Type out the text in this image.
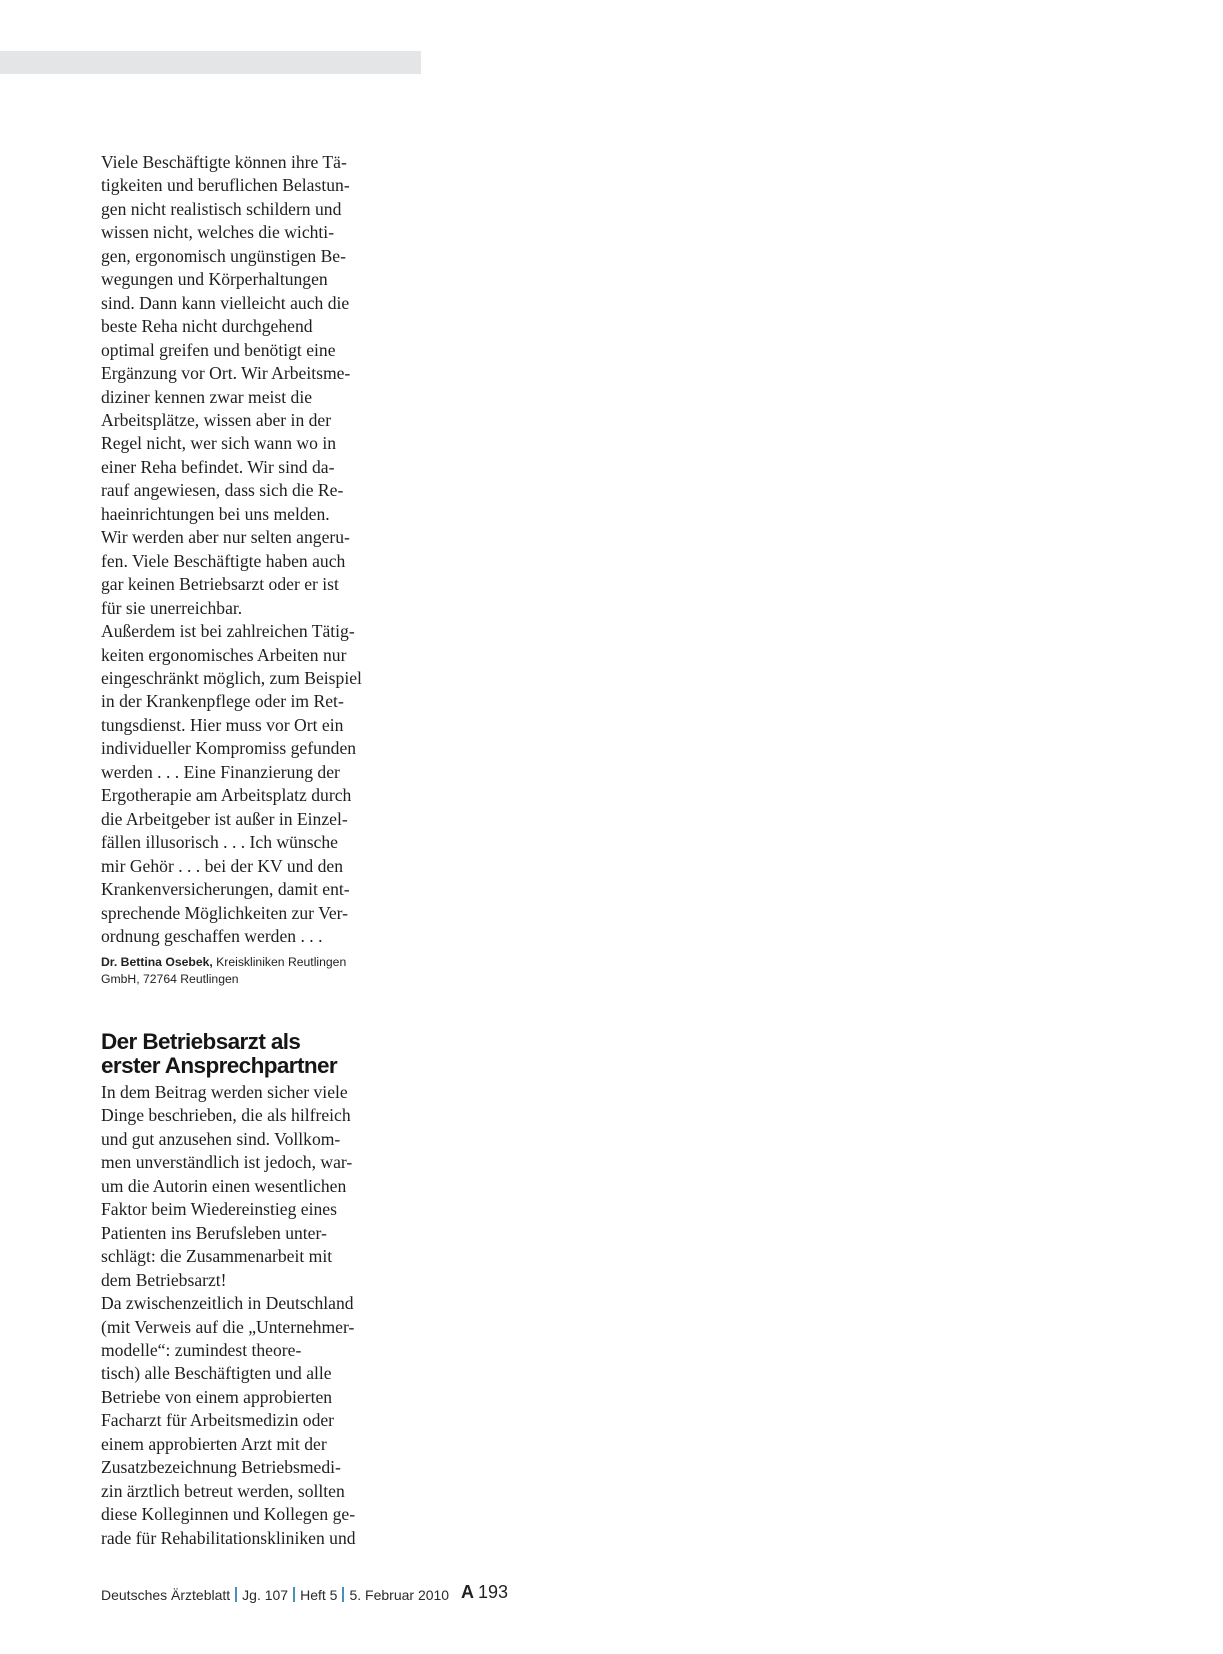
Viele Beschäftigte können ihre Tä-
tigkeiten und beruflichen Belastun-
gen nicht realistisch schildern und
wissen nicht, welches die wichti-
gen, ergonomisch ungünstigen Be-
wegungen und Körperhaltungen
sind. Dann kann vielleicht auch die
beste Reha nicht durchgehend
optimal greifen und benötigt eine
Ergänzung vor Ort. Wir Arbeitsme-
diziner kennen zwar meist die
Arbeitsplätze, wissen aber in der
Regel nicht, wer sich wann wo in
einer Reha befindet. Wir sind da-
rauf angewiesen, dass sich die Re-
haeinrichtungen bei uns melden.
Wir werden aber nur selten angeru-
fen. Viele Beschäftigte haben auch
gar keinen Betriebsarzt oder er ist
für sie unerreichbar.
Außerdem ist bei zahlreichen Tätig-
keiten ergonomisches Arbeiten nur
eingeschränkt möglich, zum Beispiel
in der Krankenpflege oder im Ret-
tungsdienst. Hier muss vor Ort ein
individueller Kompromiss gefunden
werden . . . Eine Finanzierung der
Ergotherapie am Arbeitsplatz durch
die Arbeitgeber ist außer in Einzel-
fällen illusorisch . . . Ich wünsche
mir Gehör . . . bei der KV und den
Krankenversicherungen, damit ent-
sprechende Möglichkeiten zur Ver-
ordnung geschaffen werden . . .

Dr. Bettina Osebek, Kreiskliniken Reutlingen
GmbH, 72764 Reutlingen
Der Betriebsarzt als
erster Ansprechpartner

In dem Beitrag werden sicher viele
Dinge beschrieben, die als hilfreich
und gut anzusehen sind. Vollkom-
men unverständlich ist jedoch, war-
um die Autorin einen wesentlichen
Faktor beim Wiedereinstieg eines
Patienten ins Berufsleben unter-
schlägt: die Zusammenarbeit mit
dem Betriebsarzt!
Da zwischenzeitlich in Deutschland
(mit Verweis auf die „Unternehmer-
modelle“: zumindest theore-
tisch) alle Beschäftigten und alle
Betriebe von einem approbierten
Facharzt für Arbeitsmedizin oder
einem approbierten Arzt mit der
Zusatzbezeichnung Betriebsmedi-
zin ärztlich betreut werden, sollten
diese Kolleginnen und Kollegen ge-
rade für Rehabilitationskliniken und

Deutsches Ärzteblatt Jg. 107 Heft 5 5. Februar 2010 A 193
